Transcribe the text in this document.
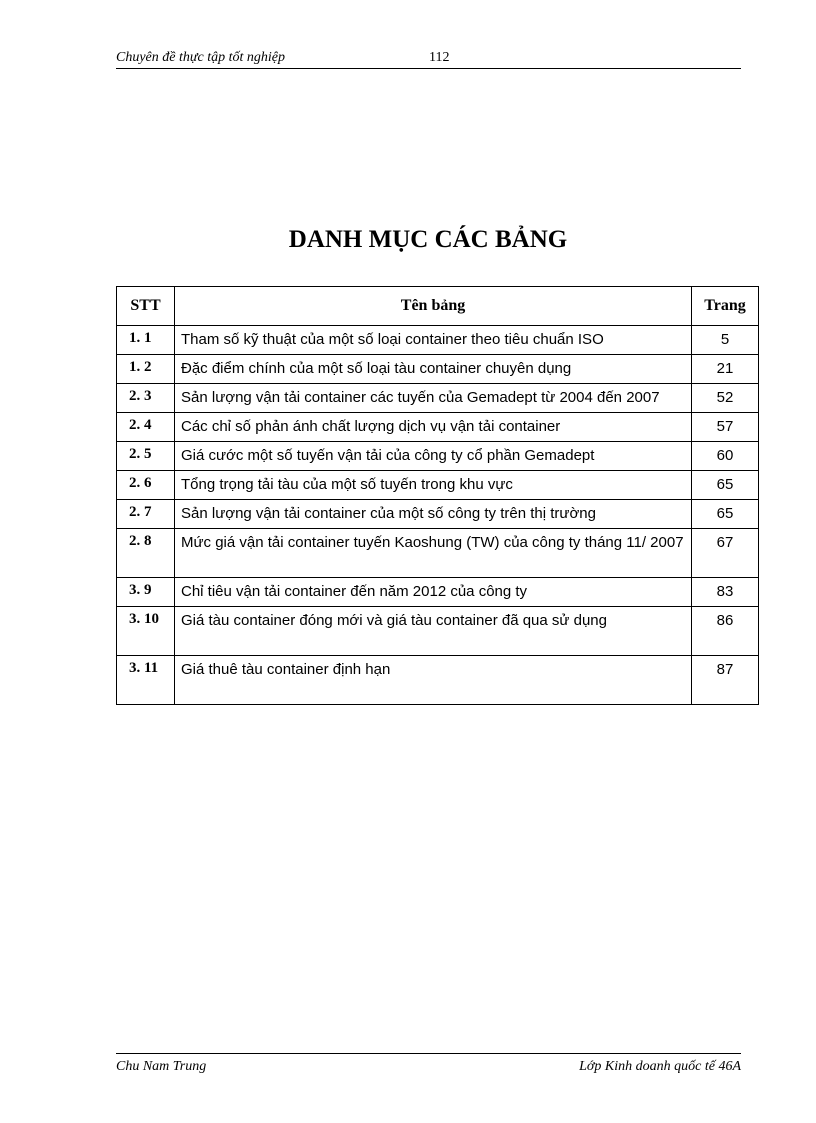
Chuyên đề thực tập tốt nghiệp	112
DANH MỤC CÁC BẢNG
STT	Tên bảng	Trang
1. 1	Tham số kỹ thuật của một số loại container theo tiêu chuẩn ISO	5
1. 2	Đặc điểm chính của một số loại tàu container chuyên dụng	21
2. 3	Sản lượng vận tải container các tuyến của Gemadept từ 2004 đến 2007	52
2. 4	Các chỉ số phản ánh chất lượng dịch vụ vận tải container	57
2. 5	Giá cước một số tuyến vận tải của công ty cổ phần Gemadept	60
2. 6	Tổng trọng tải tàu của một số tuyến trong khu vực	65
2. 7	Sản lượng vận tải container của một số công ty trên thị trường	65
2. 8	Mức giá vận tải container tuyến Kaoshung (TW) của công ty tháng 11/ 2007	67
3. 9	Chỉ tiêu vận tải container đến năm 2012 của công ty	83
3. 10	Giá tàu container đóng mới và giá tàu container đã qua sử dụng	86
3. 11	Giá thuê tàu container định hạn	87
Chu Nam Trung	Lớp Kinh doanh quốc tế 46A
